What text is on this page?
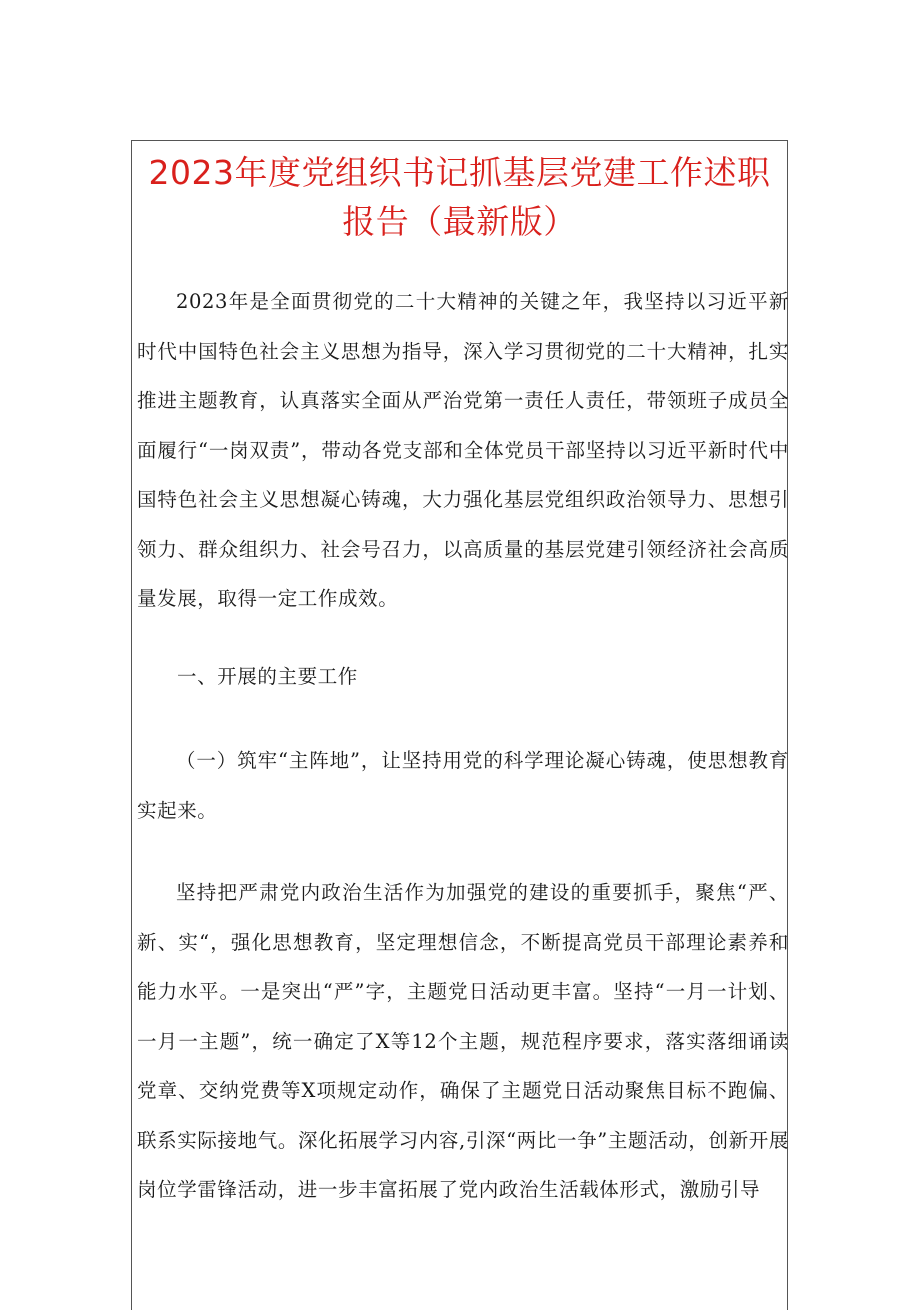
2023年度党组织书记抓基层党建工作述职
报告（最新版）

2023年是全面贯彻党的二十大精神的关键之年，我坚持以习近平新时代中国特色社会主义思想为指导，深入学习贯彻党的二十大精神，扎实推进主题教育，认真落实全面从严治党第一责任人责任，带领班子成员全面履行“一岗双责”，带动各党支部和全体党员干部坚持以习近平新时代中国特色社会主义思想凝心铸魂，大力强化基层党组织政治领导力、思想引领力、群众组织力、社会号召力，以高质量的基层党建引领经济社会高质量发展，取得一定工作成效。

一、开展的主要工作

（一）筑牢“主阵地”，让坚持用党的科学理论凝心铸魂，使思想教育实起来。

坚持把严肃党内政治生活作为加强党的建设的重要抓手，聚焦“严、新、实“，强化思想教育，坚定理想信念，不断提高党员干部理论素养和能力水平。一是突出“严”字，主题党日活动更丰富。坚持“一月一计划、一月一主题”，统一确定了X等12个主题，规范程序要求，落实落细诵读党章、交纳党费等X项规定动作，确保了主题党日活动聚焦目标不跑偏、联系实际接地气。深化拓展学习内容,引深“两比一争”主题活动，创新开展岗位学雷锋活动，进一步丰富拓展了党内政治生活载体形式，激励引导
